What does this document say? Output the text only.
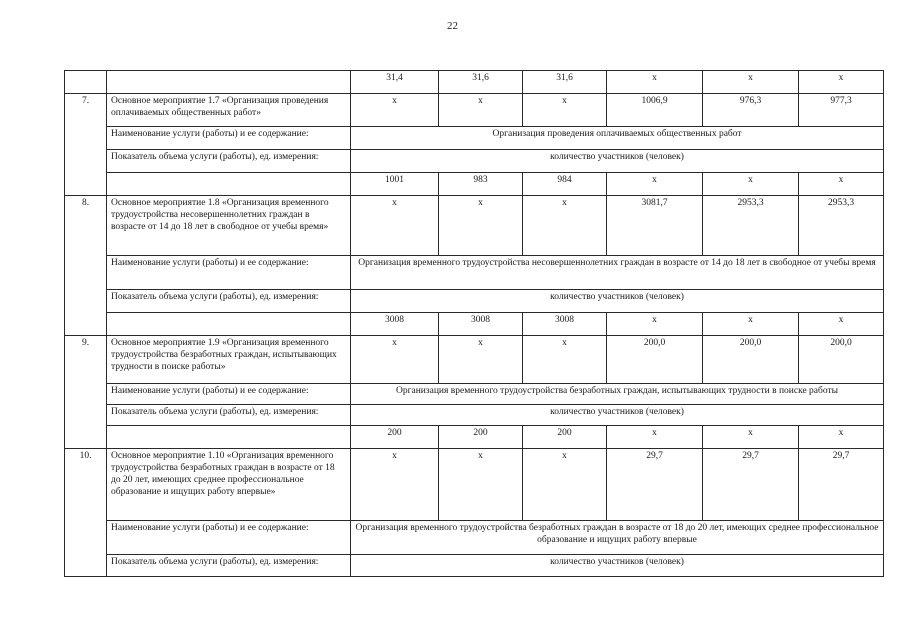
22
		31,4	31,6	31,6	x	x	x
7.	Основное мероприятие 1.7 «Организация проведения оплачиваемых общественных работ»	x	x	x	1006,9	976,3	977,3
	Наименование услуги (работы) и ее содержание:	Организация проведения оплачиваемых общественных работ					
	Показатель объема услуги (работы), ед. измерения:	количество участников (человек)					
		1001	983	984	x	x	x
8.	Основное мероприятие 1.8 «Организация временного трудоустройства несовершеннолетних граждан в возрасте от 14 до 18 лет в свободное от учебы время»	x	x	x	3081,7	2953,3	2953,3
	Наименование услуги (работы) и ее содержание:	Организация временного трудоустройства несовершеннолетних граждан в возрасте от 14 до 18 лет в свободное от учебы время					
	Показатель объема услуги (работы), ед. измерения:	количество участников (человек)					
		3008	3008	3008	x	x	x
9.	Основное мероприятие 1.9 «Организация временного трудоустройства безработных граждан, испытывающих трудности в поиске работы»	x	x	x	200,0	200,0	200,0
	Наименование услуги (работы) и ее содержание:	Организация временного трудоустройства безработных граждан, испытывающих трудности в поиске работы					
	Показатель объема услуги (работы), ед. измерения:	количество участников (человек)					
		200	200	200	x	x	x
10.	Основное мероприятие 1.10 «Организация временного трудоустройства безработных граждан в возрасте от 18 до 20 лет, имеющих среднее профессиональное образование и ищущих работу впервые»	x	x	x	29,7	29,7	29,7
	Наименование услуги (работы) и ее содержание:	Организация временного трудоустройства безработных граждан в возрасте от 18 до 20 лет, имеющих среднее профессиональное образование и ищущих работу впервые					
	Показатель объема услуги (работы), ед. измерения:	количество участников (человек)					
